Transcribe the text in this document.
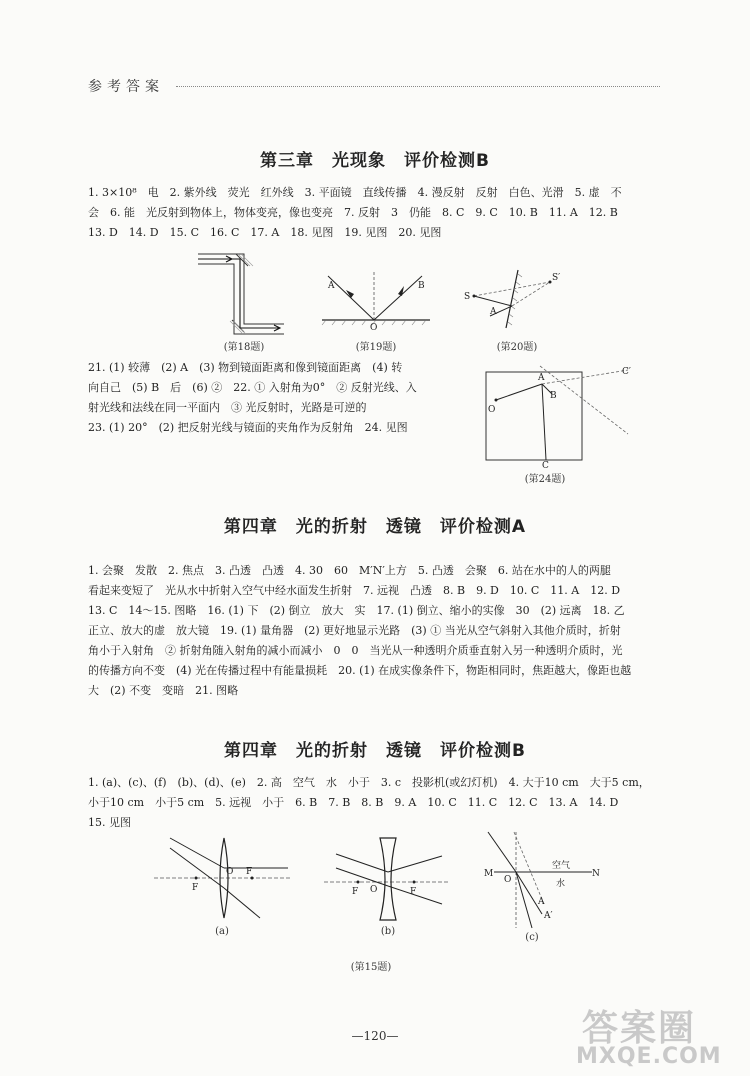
参考答案
第三章　光现象　评价检测B
1. 3×10⁸　电　2. 紫外线　荧光　红外线　3. 平面镜　直线传播　4. 漫反射　反射　白色、光滑　5. 虚　不
会　6. 能　光反射到物体上，物体变亮，像也变亮　7. 反射　3　仍能　8. C　9. C　10. B　11. A　12. B
13. D　14. D　15. C　16. C　17. A　18. 见图　19. 见图　20. 见图
(第18题)
A	B
O
(第19题)
S
S′
A
(第20题)
21. (1) 较薄　(2) A　(3) 物到镜面距离和像到镜面距离　(4) 转
向自己　(5) B　后　(6) ②　22. ① 入射角为0°　② 反射光线、入
射光线和法线在同一平面内　③ 光反射时，光路是可逆的
23. (1) 20°　(2) 把反射光线与镜面的夹角作为反射角　24. 见图
O
A
B
C
C′
(第24题)
第四章　光的折射　透镜　评价检测A
1. 会聚　发散　2. 焦点　3. 凸透　凸透　4. 30　60　M′N′上方　5. 凸透　会聚　6. 站在水中的人的两腿
看起来变短了　光从水中折射入空气中经水面发生折射　7. 远视　凸透　8. B　9. D　10. C　11. A　12. D
13. C　14～15. 图略　16. (1) 下　(2) 倒立　放大　实　17. (1) 倒立、缩小的实像　30　(2) 远离　18. 乙
正立、放大的虚　放大镜　19. (1) 量角器　(2) 更好地显示光路　(3) ① 当光从空气斜射入其他介质时，折射
角小于入射角　② 折射角随入射角的减小而减小　0　0　当光从一种透明介质垂直射入另一种透明介质时，光
的传播方向不变　(4) 光在传播过程中有能量损耗　20. (1) 在成实像条件下，物距相同时，焦距越大，像距也越
大　(2) 不变　变暗　21. 图略
第四章　光的折射　透镜　评价检测B
1. (a)、(c)、(f)　(b)、(d)、(e)　2. 高　空气　水　小于　3. c　投影机(或幻灯机)　4. 大于10 cm　大于5 cm，
小于10 cm　小于5 cm　5. 远视　小于　6. B　7. B　8. B　9. A　10. C　11. C　12. C　13. A　14. D
15. 见图
O F
F
(a)
O
F	F
(b)
M
O
N
空气
水
A
A′
(c)
(第15题)
—120—	答案圈
MXQE.COM
